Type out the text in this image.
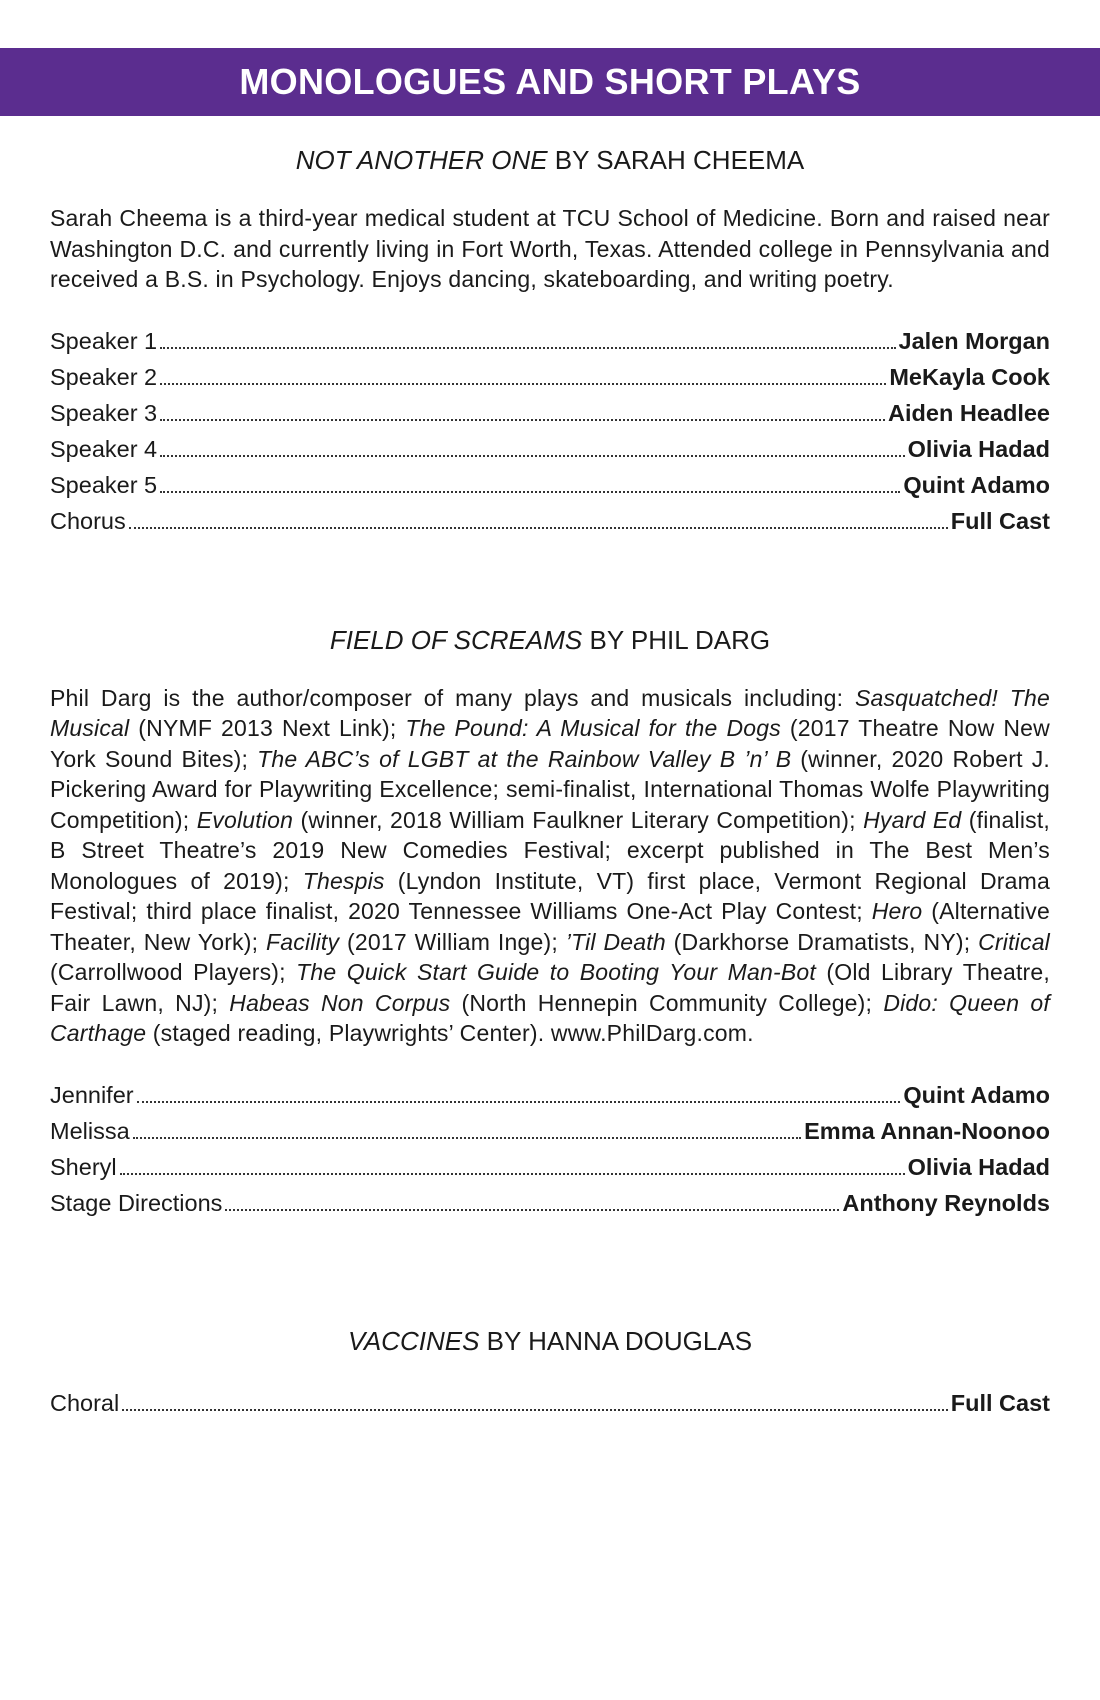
MONOLOGUES AND SHORT PLAYS
NOT ANOTHER ONE BY SARAH CHEEMA
Sarah Cheema is a third-year medical student at TCU School of Medicine. Born and raised near Washington D.C. and currently living in Fort Worth, Texas. Attended college in Pennsylvania and received a B.S. in Psychology. Enjoys dancing, skateboarding, and writing poetry.
Speaker 1	Jalen Morgan
Speaker 2	MeKayla Cook
Speaker 3	Aiden Headlee
Speaker 4	Olivia Hadad
Speaker 5	Quint Adamo
Chorus	Full Cast
FIELD OF SCREAMS BY PHIL DARG
Phil Darg is the author/composer of many plays and musicals including: Sasquatched! The Musical (NYMF 2013 Next Link); The Pound: A Musical for the Dogs (2017 Theatre Now New York Sound Bites); The ABC’s of LGBT at the Rainbow Valley B ’n’ B (winner, 2020 Robert J. Pickering Award for Playwriting Excellence; semi-finalist, International Thomas Wolfe Playwriting Competition); Evolution (winner, 2018 William Faulkner Literary Competition); Hyard Ed (finalist, B Street Theatre’s 2019 New Comedies Festival; excerpt published in The Best Men’s Monologues of 2019); Thespis (Lyndon Institute, VT) first place, Vermont Regional Drama Festival; third place finalist, 2020 Tennessee Williams One-Act Play Contest; Hero (Alternative Theater, New York); Facility (2017 William Inge); ’Til Death (Darkhorse Dramatists, NY); Critical (Carrollwood Players); The Quick Start Guide to Booting Your Man-Bot (Old Library Theatre, Fair Lawn, NJ); Habeas Non Corpus (North Hennepin Community College); Dido: Queen of Carthage (staged reading, Playwrights’ Center). www.PhilDarg.com.
Jennifer	Quint Adamo
Melissa	Emma Annan-Noonoo
Sheryl	Olivia Hadad
Stage Directions	Anthony Reynolds
VACCINES BY HANNA DOUGLAS
Choral	Full Cast
